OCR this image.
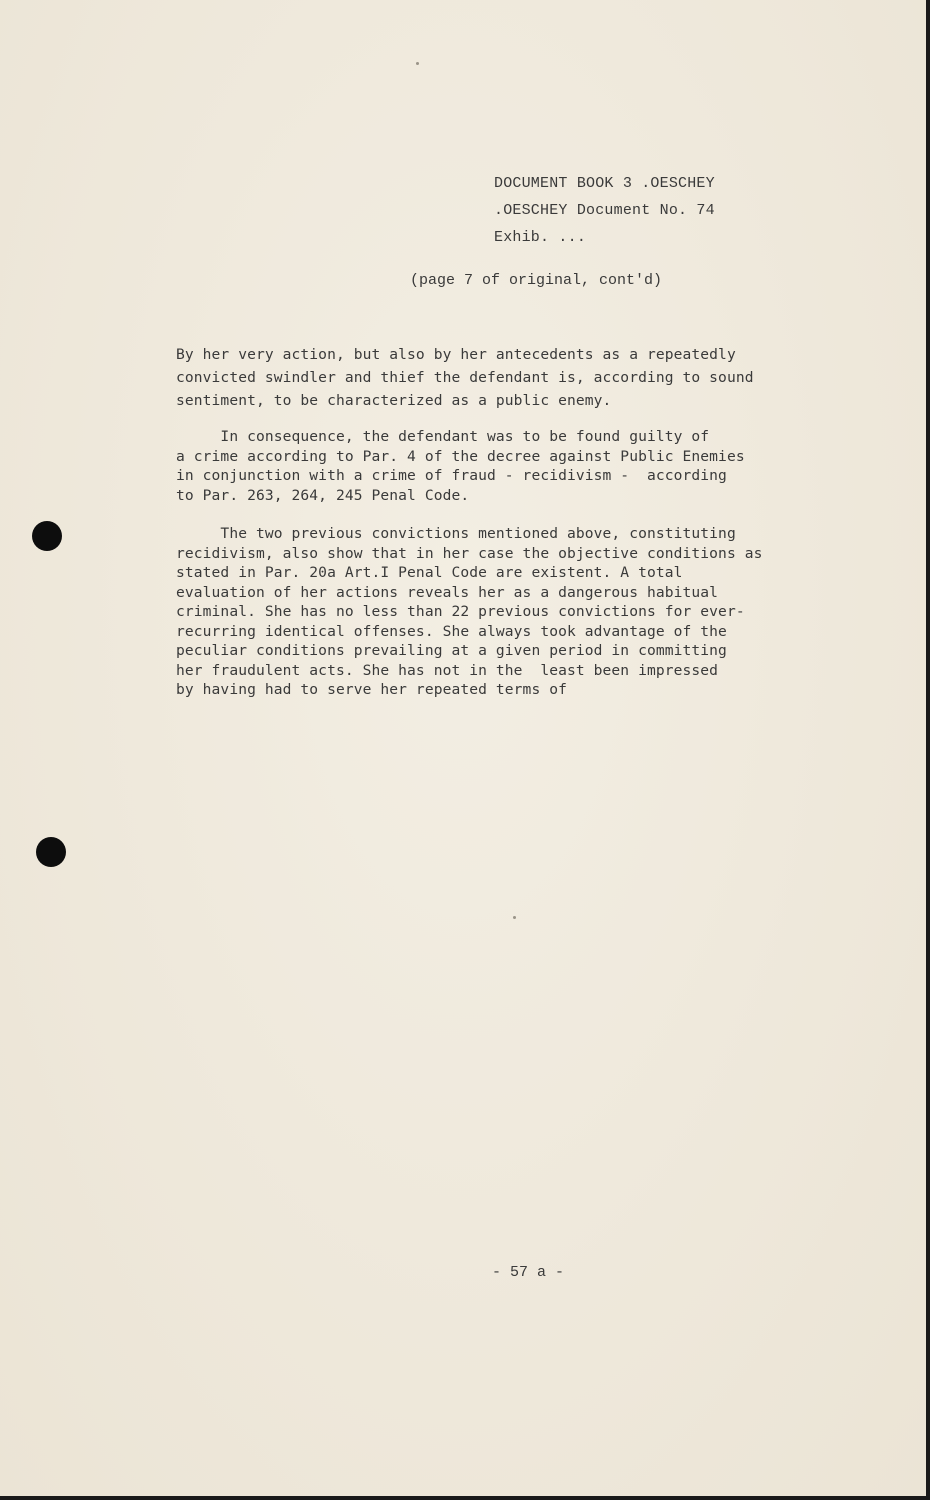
DOCUMENT BOOK 3 .OESCHEY
.OESCHEY Document No. 74
Exhib. ...
(page 7 of original, cont'd)
By her very action, but also by her antecedents as a repeatedly
convicted swindler and thief the defendant is, according to sound
sentiment, to be characterized as a public enemy.
In consequence, the defendant was to be found guilty of
a crime according to Par. 4 of the decree against Public Enemies
in conjunction with a crime of fraud - recidivism -  according
to Par. 263, 264, 245 Penal Code.
The two previous convictions mentioned above, constituting
recidivism, also show that in her case the objective conditions as
stated in Par. 20a Art.I Penal Code are existent. A total
evaluation of her actions reveals her as a dangerous habitual
criminal. She has no less than 22 previous convictions for ever-
recurring identical offenses. She always took advantage of the
peculiar conditions prevailing at a given period in committing
her fraudulent acts. She has not in the  least been impressed
by having had to serve her repeated terms of
- 57 a -
